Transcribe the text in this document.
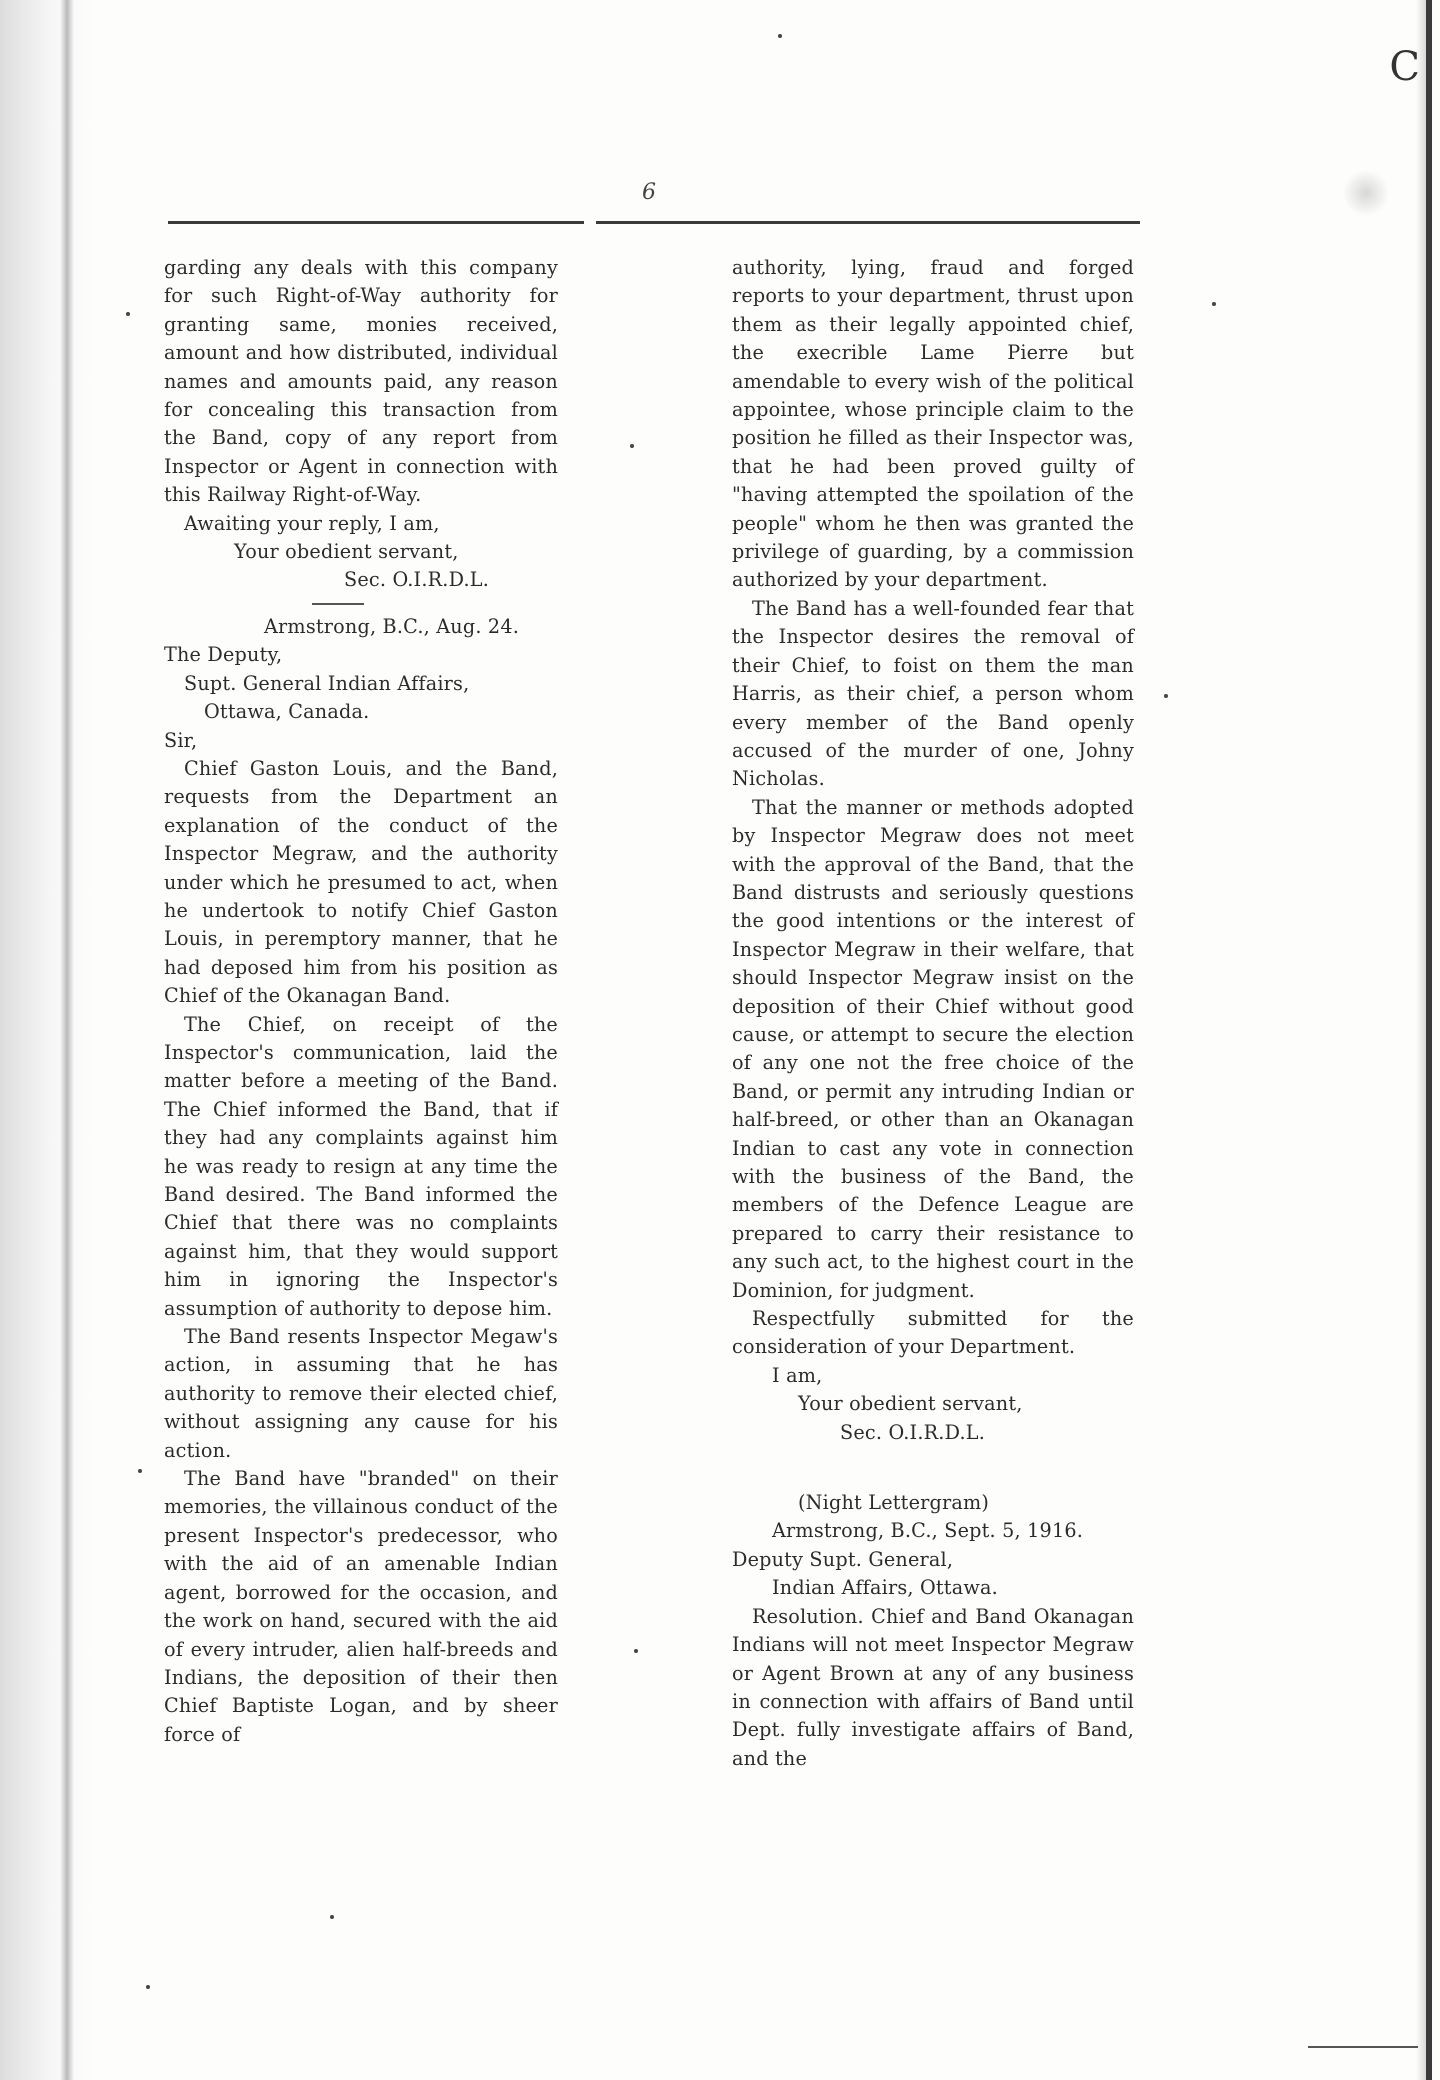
C
6

garding any deals with this company for such Right-of-Way authority for granting same, monies received, amount and how distributed, individual names and amounts paid, any reason for concealing this transaction from the Band, copy of any report from Inspector or Agent in connection with this Railway Right-of-Way.

Awaiting your reply, I am,

Your obedient servant,

Sec. O.I.R.D.L.

Armstrong, B.C., Aug. 24.

The Deputy,

Supt. General Indian Affairs,

Ottawa, Canada.

Sir,

Chief Gaston Louis, and the Band, requests from the Department an explanation of the conduct of the Inspector Megraw, and the authority under which he presumed to act, when he undertook to notify Chief Gaston Louis, in peremptory manner, that he had deposed him from his position as Chief of the Okanagan Band.

The Chief, on receipt of the Inspector's communication, laid the matter before a meeting of the Band. The Chief informed the Band, that if they had any complaints against him he was ready to resign at any time the Band desired. The Band informed the Chief that there was no complaints against him, that they would support him in ignoring the Inspector's assumption of authority to depose him.

The Band resents Inspector Megaw's action, in assuming that he has authority to remove their elected chief, without assigning any cause for his action.

The Band have "branded" on their memories, the villainous conduct of the present Inspector's predecessor, who with the aid of an amenable Indian agent, borrowed for the occasion, and the work on hand, secured with the aid of every intruder, alien half-breeds and Indians, the deposition of their then Chief Baptiste Logan, and by sheer force of

authority, lying, fraud and forged reports to your department, thrust upon them as their legally appointed chief, the execrible Lame Pierre but amendable to every wish of the political appointee, whose principle claim to the position he filled as their Inspector was, that he had been proved guilty of "having attempted the spoilation of the people" whom he then was granted the privilege of guarding, by a commission authorized by your department.

The Band has a well-founded fear that the Inspector desires the removal of their Chief, to foist on them the man Harris, as their chief, a person whom every member of the Band openly accused of the murder of one, Johny Nicholas.

That the manner or methods adopted by Inspector Megraw does not meet with the approval of the Band, that the Band distrusts and seriously questions the good intentions or the interest of Inspector Megraw in their welfare, that should Inspector Megraw insist on the deposition of their Chief without good cause, or attempt to secure the election of any one not the free choice of the Band, or permit any intruding Indian or half-breed, or other than an Okanagan Indian to cast any vote in connection with the business of the Band, the members of the Defence League are prepared to carry their resistance to any such act, to the highest court in the Dominion, for judgment.

Respectfully submitted for the consideration of your Department.

I am,

Your obedient servant,

Sec. O.I.R.D.L.

(Night Lettergram)

Armstrong, B.C., Sept. 5, 1916.

Deputy Supt. General,

Indian Affairs, Ottawa.

Resolution. Chief and Band Okanagan Indians will not meet Inspector Megraw or Agent Brown at any of any business in connection with affairs of Band until Dept. fully investigate affairs of Band, and the
